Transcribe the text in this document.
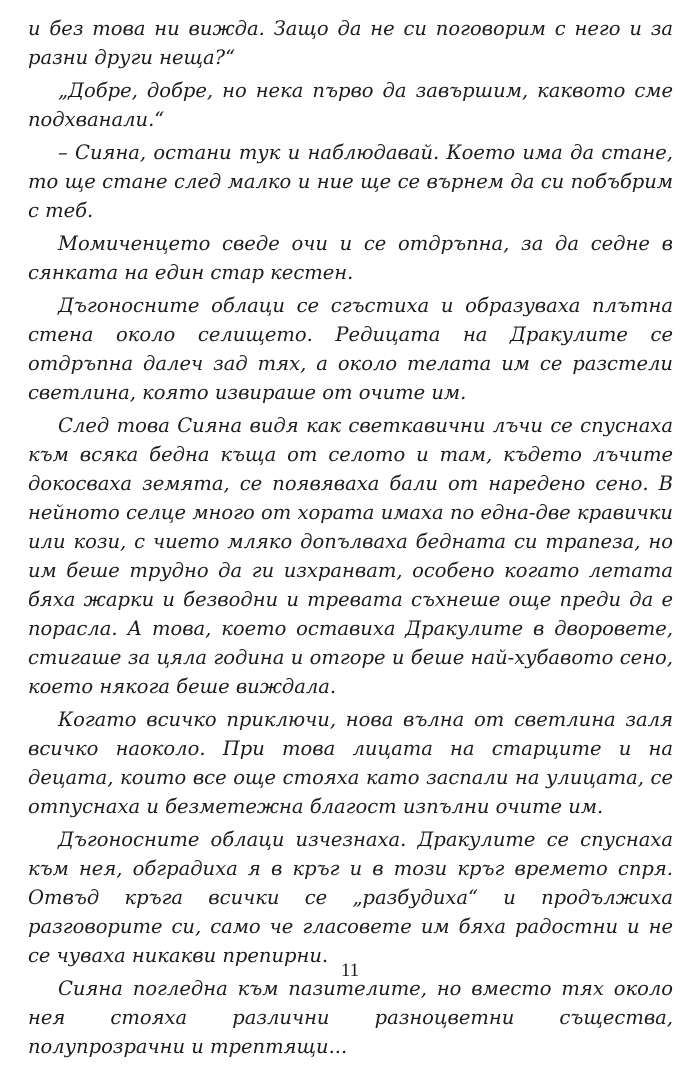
и без това ни вижда. Защо да не си поговорим с него и за разни други неща?“

„Добре, добре, но нека първо да завършим, каквото сме подхванали.“

– Сияна, остани тук и наблюдавай. Което има да стане, то ще стане след малко и ние ще се върнем да си побъбрим с теб.

Момиченцето сведе очи и се отдръпна, за да седне в сянката на един стар кестен.

Дъгоносните облаци се сгъстиха и образуваха плътна стена около селището. Редицата на Дракулите се отдръпна далеч зад тях, а около телата им се разстели светлина, която извираше от очите им.

След това Сияна видя как светкавични лъчи се спуснаха към всяка бедна къща от селото и там, където лъчите докосваха земята, се появяваха бали от наредено сено. В нейното селце много от хората имаха по една-две кравички или кози, с чието мляко допълваха бедната си трапеза, но им беше трудно да ги изхранват, особено когато летата бяха жарки и безводни и тревата съхнеше още преди да е порасла. А това, което оставиха Дракулите в дворовете, стигаше за цяла година и отгоре и беше най-хубавото сено, което някога беше виждала.

Когато всичко приключи, нова вълна от светлина заля всичко наоколо. При това лицата на старците и на децата, които все още стояха като заспали на улицата, се отпуснаха и безметежна благост изпълни очите им.

Дъгоносните облаци изчезнаха. Дракулите се спуснаха към нея, обградиха я в кръг и в този кръг времето спря. Отвъд кръга всички се „разбудиха“ и продължиха разговорите си, само че гласовете им бяха радостни и не се чуваха никакви препирни.

Сияна погледна към пазителите, но вместо тях около нея стояха различни разноцветни същества, полупрозрачни и трептящи...

11
